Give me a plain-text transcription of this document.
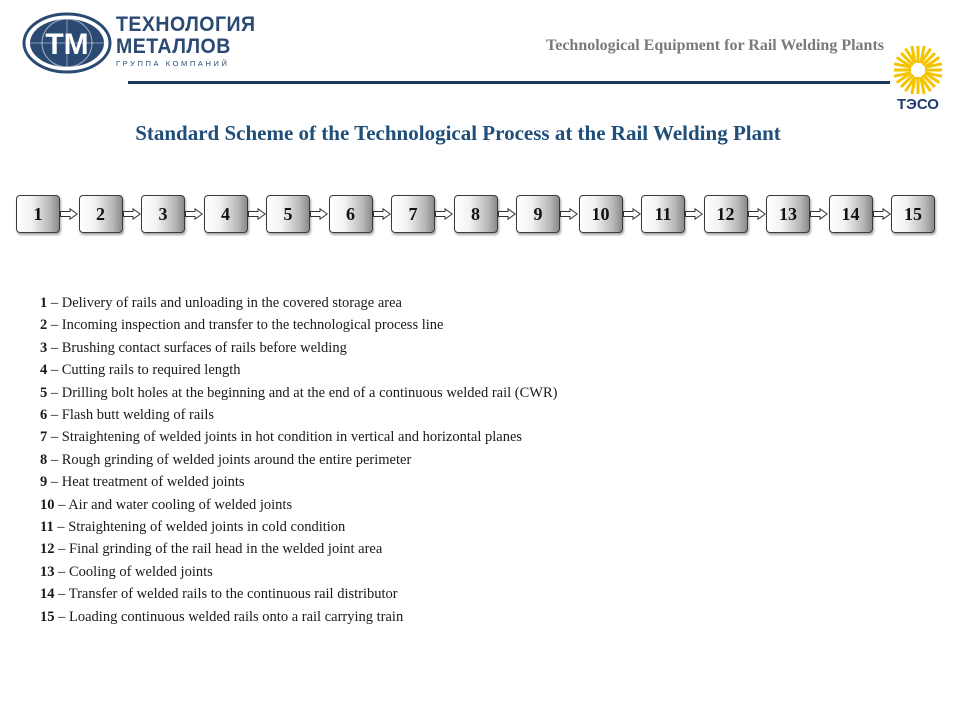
TM
ТЕХНОЛОГИЯ
МЕТАЛЛОВ
ГРУППА КОМПАНИЙ
Technological Equipment for Rail Welding Plants
ТЭСО
Standard Scheme of the Technological Process at the Rail Welding Plant
1	2	3	4	5	6	7	8	9	10	11	12	13	14	15
1 – Delivery of rails and unloading in the covered storage area
2 – Incoming inspection and transfer to the technological process line
3 – Brushing contact surfaces of rails before welding
4 – Cutting rails to required length
5 – Drilling bolt holes at the beginning and at the end of a continuous welded rail (CWR)
6 – Flash butt welding of rails
7 – Straightening of welded joints in hot condition in vertical and horizontal planes
8 – Rough grinding of welded joints around the entire perimeter
9 – Heat treatment of welded joints
10 – Air and water cooling of welded joints
11 – Straightening of welded joints in cold condition
12 – Final grinding of the rail head in the welded joint area
13 – Cooling of welded joints
14 – Transfer of welded rails to the continuous rail distributor
15 – Loading continuous welded rails onto a rail carrying train
